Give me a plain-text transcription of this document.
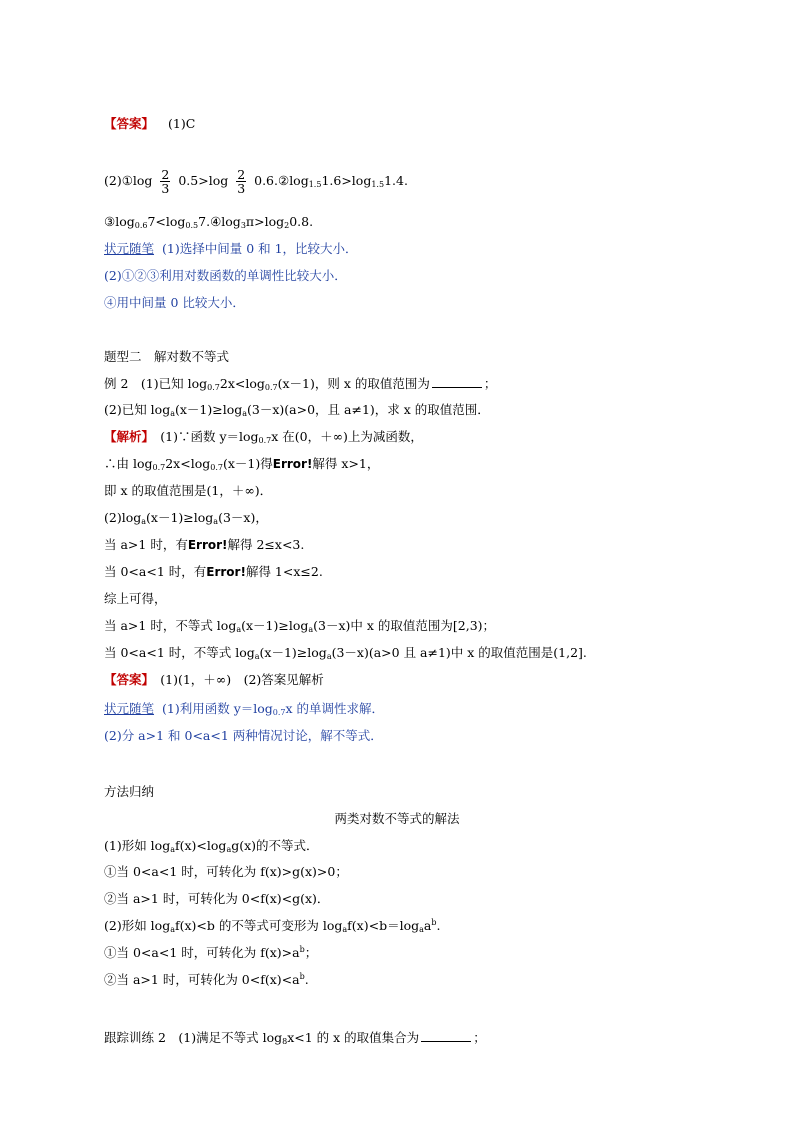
【答案】 (1)C
(2)①log $\frac{2}{3} 0.5>\log \frac{2}{3}$ $0.6.②\log_{1.5}1.6>\log_{1.5}1.4$.
$③\log_{0.6}7<\log_{0.5}7.④\log_3\pi>\log_20.8$.
状元随笔 (1)选择中间量 0 和 1，比较大小．
(2)①②③利用对数函数的单调性比较大小．
④用中间量 0 比较大小．
题型二　解对数不等式
例 2　(1)已知 $\log_{0.7}2x<\log_{0.7}(x-1)$，则 x 的取值范围为	；
(2)已知 $\log_a(x-1)\ge\log_a(3-x)(a>0$，且 a≠1)，求 x 的取值范围．
【解析】　(1)∵函数 $y=\log_{0.7}x$ 在(0，＋∞)上为减函数，
∴由 $\log_{0.7}2x<\log_{0.7}(x-1)$得Error!解得 x>1，
即 x 的取值范围是(1，＋∞)．
$(2)\log_a(x-1)\ge\log_a(3-x)$，
当 a>1 时，有Error!解得 2≤x<3.
当 0<a<1 时，有Error!解得 1<x≤2.
综上可得，
当 a>1 时，不等式 $\log_a(x-1)\ge\log_a(3-x)$中 x 的取值范围为[2,3)；
当 0<a<1 时，不等式 $\log_a(x-1)\ge\log_a(3-x)(a>0$ 且 a≠1)中 x 的取值范围是(1,2].
【答案】　(1)(1，＋∞)　(2)答案见解析
状元随笔 (1)利用函数 $y=\log_{0.7}x$ 的单调性求解．
(2)分 a>1 和 0<a<1 两种情况讨论，解不等式．
方法归纳
两类对数不等式的解法
(1)形如 $\log_af(x)<\log_ag(x)$的不等式．
①当 0<a<1 时，可转化为 f(x)>g(x)>0；
②当 a>1 时，可转化为 0<f(x)<g(x)．
(2)形如 $\log_af(x)<b$ 的不等式可变形为 $\log_af(x)<b=\log_aa^b$.
①当 0<a<1 时，可转化为 $f(x)>a^b$；
②当 a>1 时，可转化为 $0<f(x)<a^b$.
跟踪训练 2　(1)满足不等式 $\log_8x<1$ 的 x 的取值集合为	；
